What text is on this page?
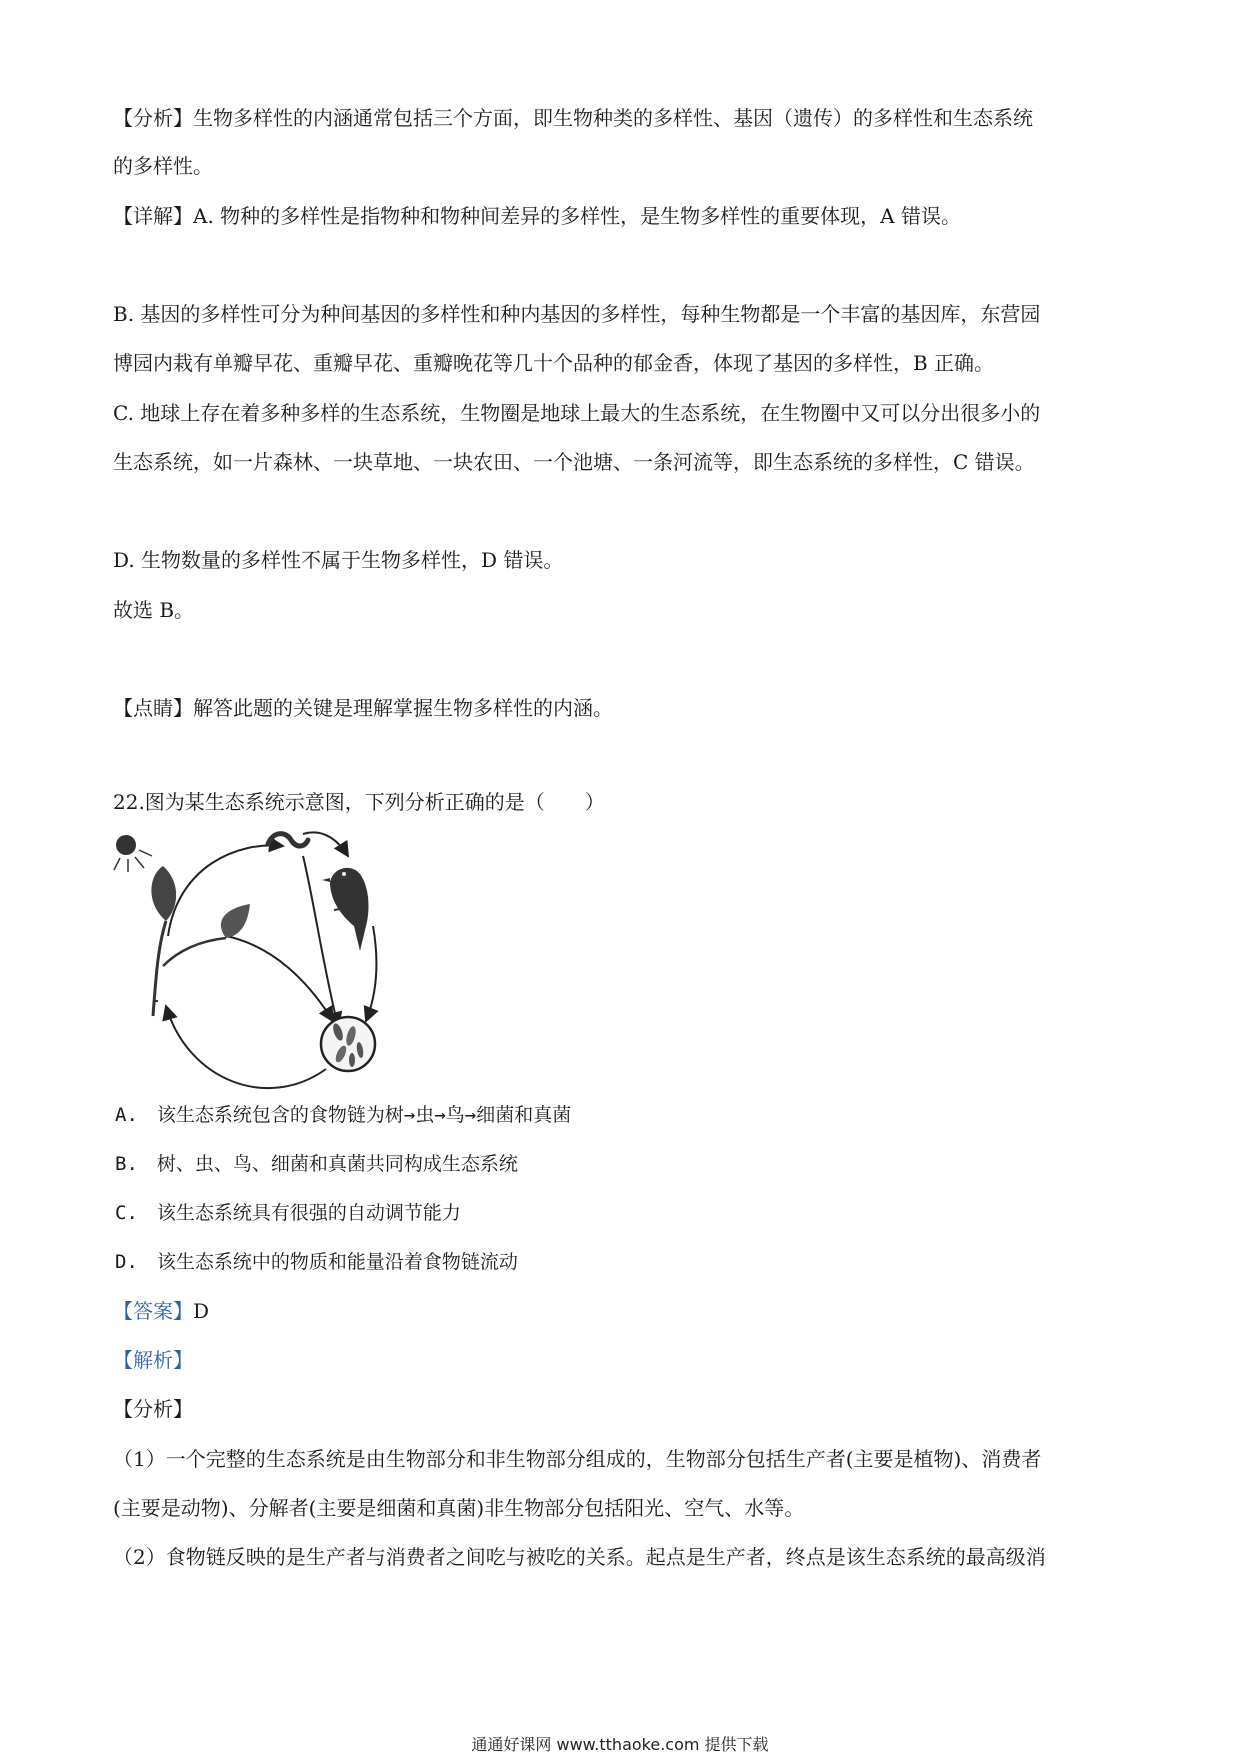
【分析】生物多样性的内涵通常包括三个方面，即生物种类的多样性、基因（遗传）的多样性和生态系统
的多样性。
【详解】A. 物种的多样性是指物种和物种间差异的多样性，是生物多样性的重要体现，A 错误。
B. 基因的多样性可分为种间基因的多样性和种内基因的多样性，每种生物都是一个丰富的基因库，东营园
博园内栽有单瓣早花、重瓣早花、重瓣晚花等几十个品种的郁金香，体现了基因的多样性，B 正确。
C. 地球上存在着多种多样的生态系统，生物圈是地球上最大的生态系统，在生物圈中又可以分出很多小的
生态系统，如一片森林、一块草地、一块农田、一个池塘、一条河流等，即生态系统的多样性，C 错误。
D. 生物数量的多样性不属于生物多样性，D 错误。
故选 B。
【点睛】解答此题的关键是理解掌握生物多样性的内涵。
22.图为某生态系统示意图，下列分析正确的是（　　）
A.　该生态系统包含的食物链为树→虫→鸟→细菌和真菌
B.　树、虫、鸟、细菌和真菌共同构成生态系统
C.　该生态系统具有很强的自动调节能力
D.　该生态系统中的物质和能量沿着食物链流动
【答案】D
【解析】
【分析】
（1）一个完整的生态系统是由生物部分和非生物部分组成的，生物部分包括生产者(主要是植物)、消费者
(主要是动物)、分解者(主要是细菌和真菌)非生物部分包括阳光、空气、水等。
（2）食物链反映的是生产者与消费者之间吃与被吃的关系。起点是生产者，终点是该生态系统的最高级消
通通好课网 www.tthaoke.com 提供下载
